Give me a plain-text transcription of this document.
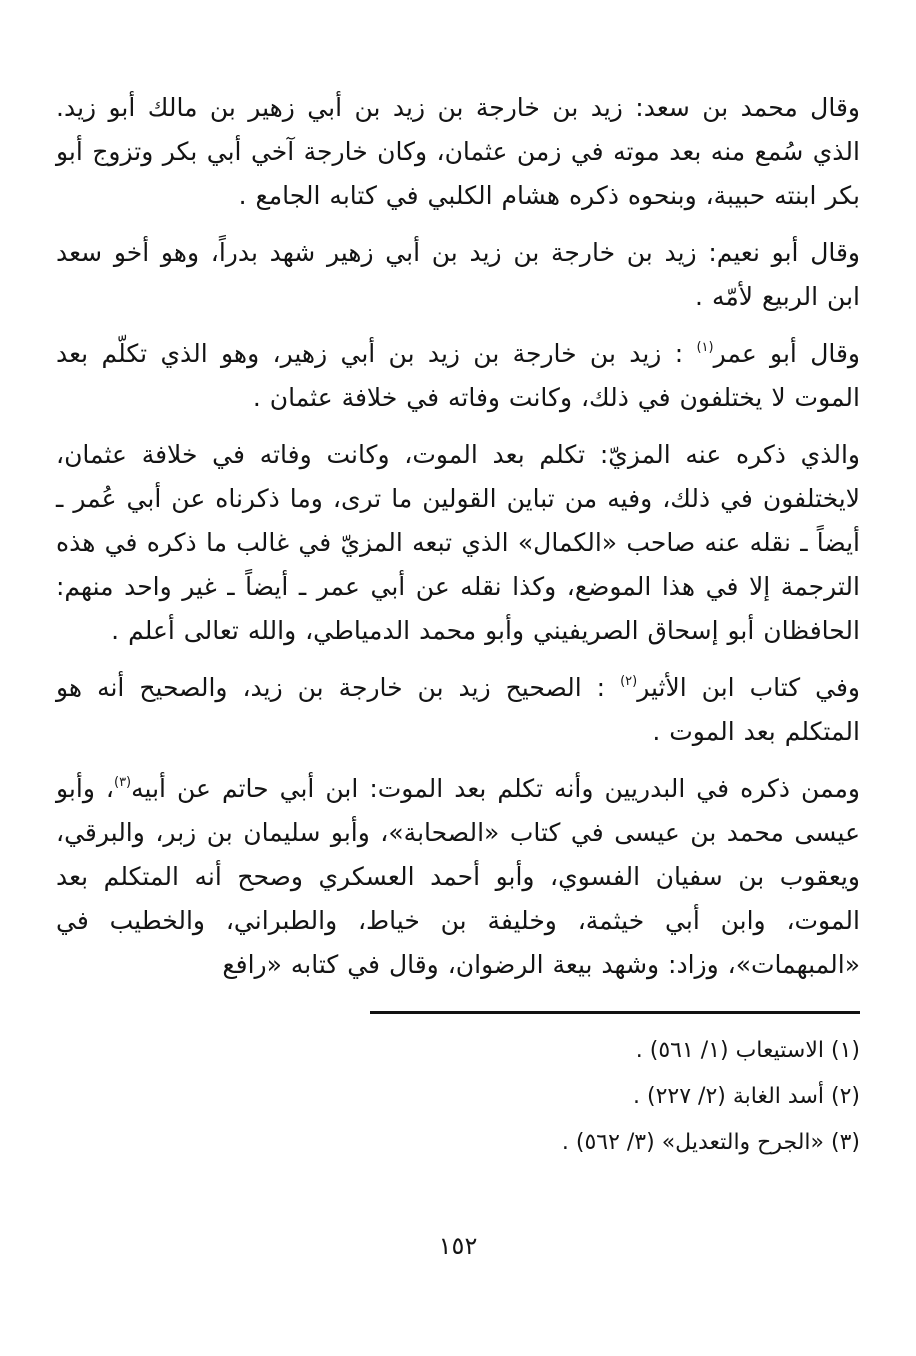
وقال محمد بن سعد: زيد بن خارجة بن زيد بن أبي زهير بن مالك أبو زيد. الذي سُمع منه بعد موته في زمن عثمان، وكان خارجة آخي أبي بكر وتزوج أبو بكر ابنته حبيبة، وبنحوه ذكره هشام الكلبي في كتابه الجامع .

وقال أبو نعيم: زيد بن خارجة بن زيد بن أبي زهير شهد بدراً، وهو أخو سعد ابن الربيع لأمّه .

وقال أبو عمر$^{(١)}$ : زيد بن خارجة بن زيد بن أبي زهير، وهو الذي تكلّم بعد الموت لا يختلفون في ذلك، وكانت وفاته في خلافة عثمان .

والذي ذكره عنه المزيّ: تكلم بعد الموت، وكانت وفاته في خلافة عثمان، لايختلفون في ذلك، وفيه من تباين القولين ما ترى، وما ذكرناه عن أبي عُمر ـ أيضاً ـ نقله عنه صاحب «الكمال» الذي تبعه المزيّ في غالب ما ذكره في هذه الترجمة إلا في هذا الموضع، وكذا نقله عن أبي عمر ـ أيضاً ـ غير واحد منهم: الحافظان أبو إسحاق الصريفيني وأبو محمد الدمياطي، والله تعالى أعلم .

وفي كتاب ابن الأثير$^{(٢)}$ : الصحيح زيد بن خارجة بن زيد، والصحيح أنه هو المتكلم بعد الموت .

وممن ذكره في البدريين وأنه تكلم بعد الموت: ابن أبي حاتم عن أبيه$^{(٣)}$، وأبو عيسى محمد بن عيسى في كتاب «الصحابة»، وأبو سليمان بن زبر، والبرقي، ويعقوب بن سفيان الفسوي، وأبو أحمد العسكري وصحح أنه المتكلم بعد الموت، وابن أبي خيثمة، وخليفة بن خياط، والطبراني، والخطيب في «المبهمات»، وزاد: وشهد بيعة الرضوان، وقال في كتابه «رافع

(١) الاستيعاب (١/ ٥٦١) .
(٢) أسد الغابة (٢/ ٢٢٧) .
(٣) «الجرح والتعديل» (٣/ ٥٦٢) .
١٥٢
